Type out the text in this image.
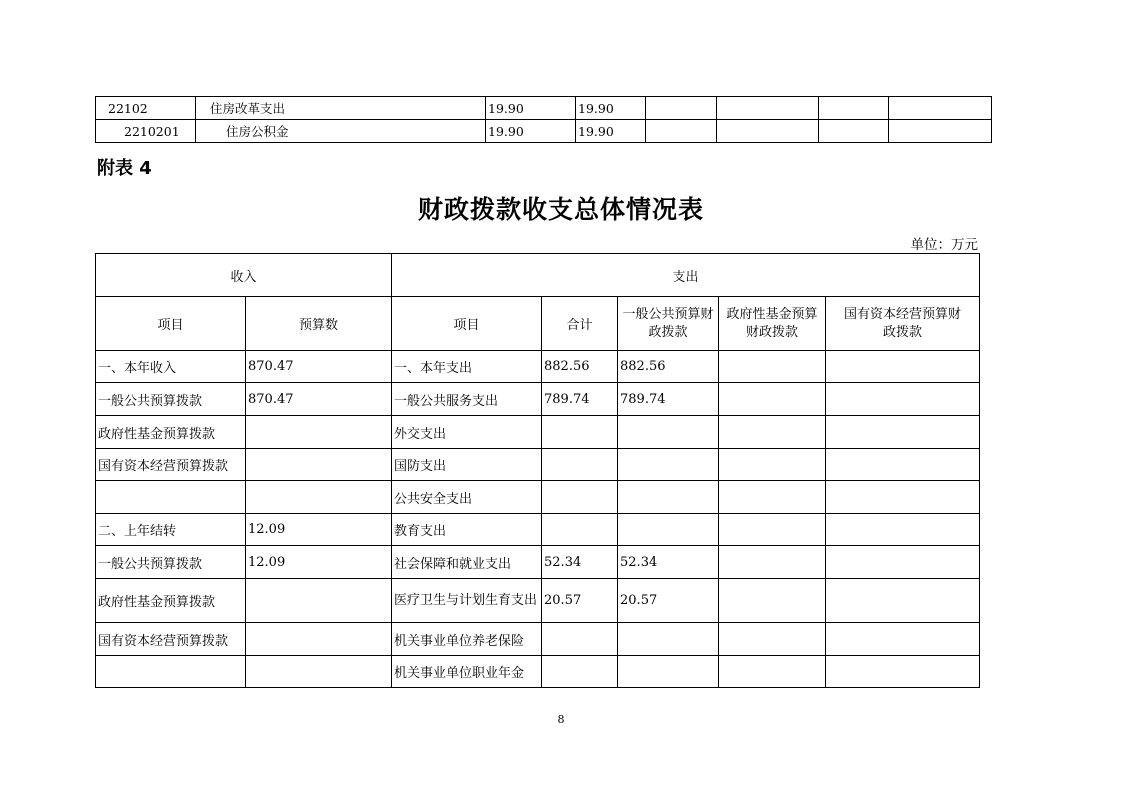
22102	住房改革支出	19.90	19.90				
2210201	住房公积金	19.90	19.90				
附表 4
财政拨款收支总体情况表
单位：万元
收入		支出				
项目	预算数	项目	合计	一般公共预算财政拨款	政府性基金预算财政拨款	国有资本经营预算财政拨款
一、本年收入	870.47	一、本年支出	882.56	882.56		
一般公共预算拨款	870.47	一般公共服务支出	789.74	789.74		
政府性基金预算拨款		外交支出				
国有资本经营预算拨款		国防支出				
		公共安全支出				
二、上年结转	12.09	教育支出				
一般公共预算拨款	12.09	社会保障和就业支出	52.34	52.34		
政府性基金预算拨款		医疗卫生与计划生育支出	20.57	20.57		
国有资本经营预算拨款		机关事业单位养老保险				
		机关事业单位职业年金				
8
